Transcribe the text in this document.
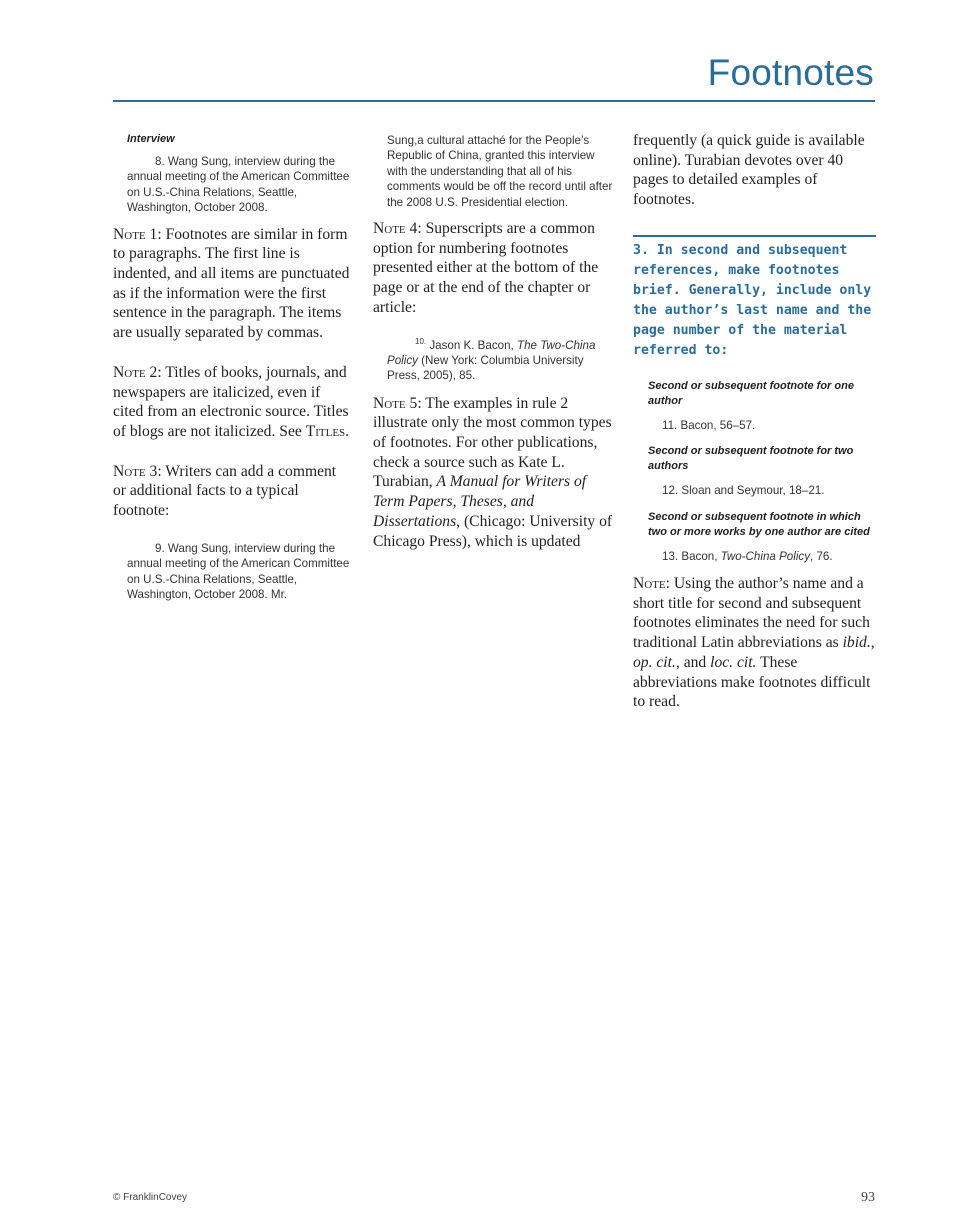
Footnotes
Interview

8. Wang Sung, interview during the annual meeting of the American Committee on U.S.-China Relations, Seattle, Washington, October 2008.

Note 1: Footnotes are similar in form to paragraphs. The first line is indented, and all items are punctuated as if the information were the first sentence in the paragraph. The items are usually separated by commas.

Note 2: Titles of books, journals, and newspapers are italicized, even if cited from an electronic source. Titles of blogs are not italicized. See Titles.

Note 3: Writers can add a comment or additional facts to a typical footnote:

9. Wang Sung, interview during the annual meeting of the American Committee on U.S.-China Relations, Seattle, Washington, October 2008. Mr.

Sung,a cultural attaché for the People’s Republic of China, granted this interview with the understanding that all of his comments would be off the record until after the 2008 U.S. Presidential election.

Note 4: Superscripts are a common option for numbering footnotes presented either at the bottom of the page or at the end of the chapter or article:

$^{10.}$ Jason K. Bacon, The Two-China Policy (New York: Columbia University Press, 2005), 85.

Note 5: The examples in rule 2 illustrate only the most common types of footnotes. For other publications, check a source such as Kate L. Turabian, A Manual for Writers of Term Papers, Theses, and Dissertations, (Chicago: University of Chicago Press), which is updated

frequently (a quick guide is available online). Turabian devotes over 40 pages to detailed examples of footnotes.

3. In second and subsequent references, make footnotes brief. Generally, include only the author’s last name and the page number of the material referred to:
Second or subsequent footnote for one author
11. Bacon, 56–57.
Second or subsequent footnote for two authors
12. Sloan and Seymour, 18–21.
Second or subsequent footnote in which two or more works by one author are cited
13. Bacon, Two-China Policy, 76.

Note: Using the author’s name and a short title for second and subsequent footnotes eliminates the need for such traditional Latin abbreviations as ibid., op. cit., and loc. cit. These abbreviations make footnotes difficult to read.

© FranklinCovey	93
